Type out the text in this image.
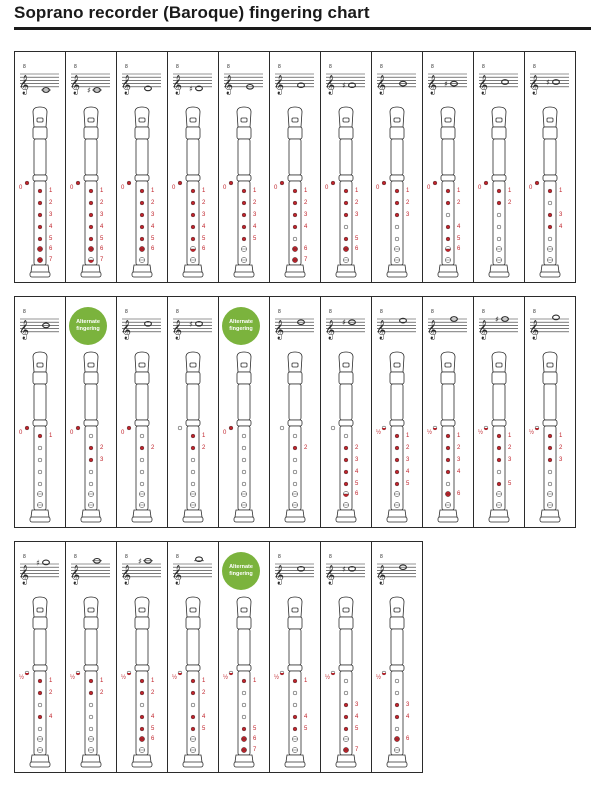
Soprano recorder (Baroque) fingering chart
𝄞
8
0	1
2
3
4
5
6
7
𝄞
8
♯
0	1
2
3
4
5
6
7
𝄞
8
0	1
2
3
4
5
6
𝄞
8
♯
0	1
2
3
4
5
6
𝄞
8
0	1
2
3
4
5
𝄞
8
0	1
2
3
4
6
7
𝄞
8
♯
0	1
2
3
5
6
𝄞
8
0	1
2
3
𝄞
8
♯
0	1
2
4
5
6
𝄞
8
0	1
2
𝄞
8
♯
0	1
3
4
𝄞
8
0	1
Alternate
fingering
0
2
3
𝄞
8
0
2
𝄞
8
♯
1
2
Alternate
fingering
0
𝄞
8
2
𝄞
8
♯
2
3
4
5
6
𝄞
8
½	1
2
3
4
5
𝄞
8
½	1
2
3
4
6
𝄞
8
♯
½	1
2
3
5
𝄞
8
½	1
2
3
𝄞
8
♯
½	1
2
4
𝄞
8
½	1
2
𝄞
8 ♯
½	1
2
4
5
6
𝄞
8
½	1
2
4
5
Alternate
fingering
½	1
5
6
7
𝄞
8
½	1
4
5
𝄞
8
♯
½
3
4
5
7
𝄞
8
½
3
4
6
